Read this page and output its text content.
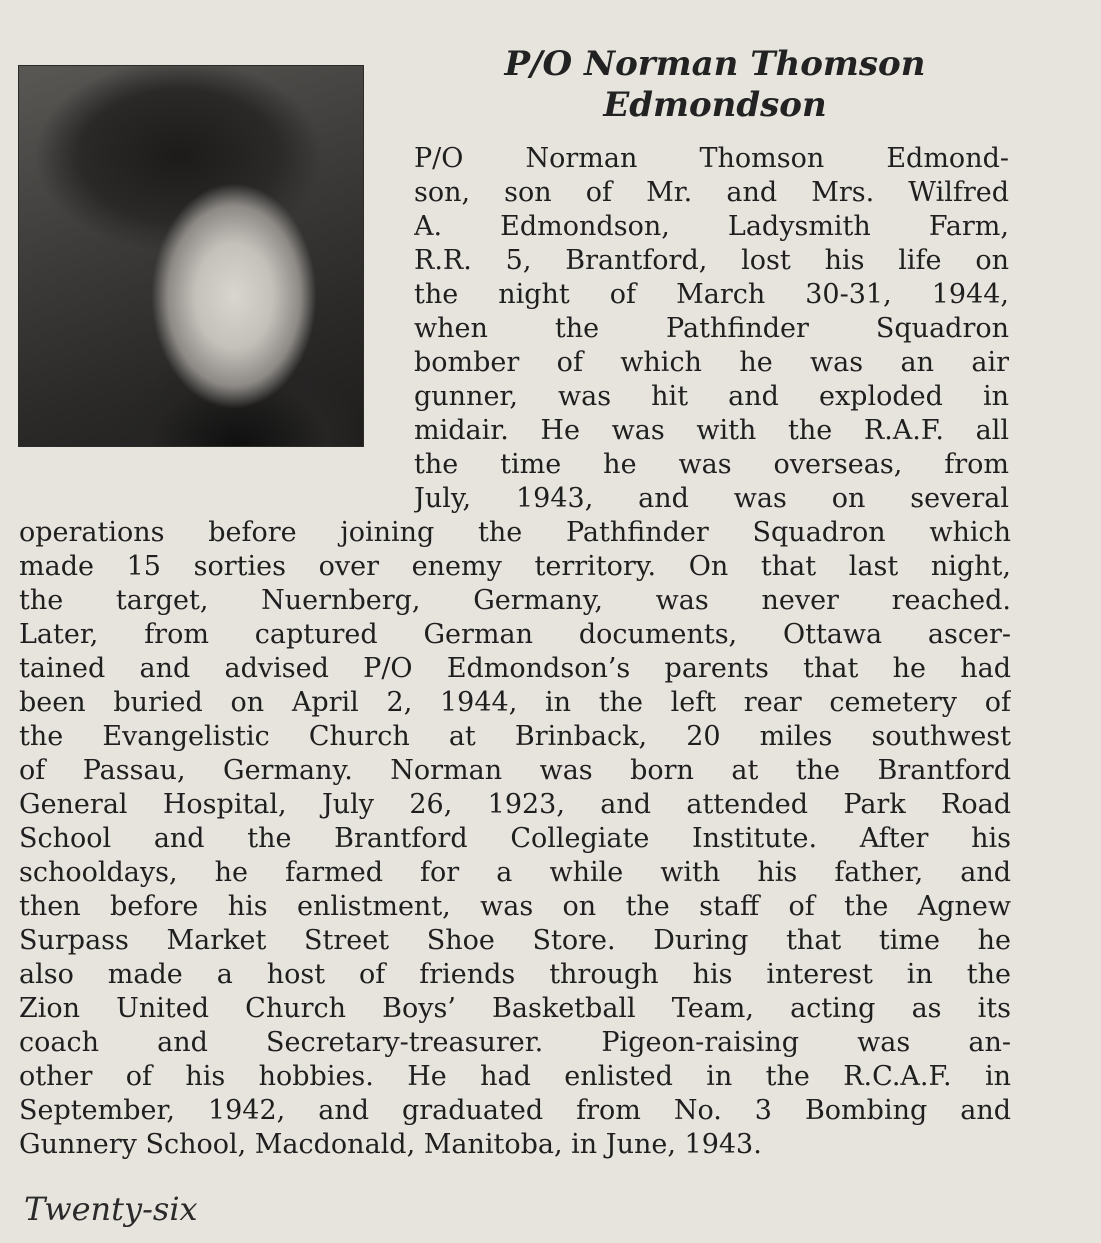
P/O Norman Thomson
Edmondson
P/O Norman Thomson Edmond-
son, son of Mr. and Mrs. Wilfred
A. Edmondson, Ladysmith Farm,
R.R. 5, Brantford, lost his life on
the night of March 30-31, 1944,
when the Pathfinder Squadron
bomber of which he was an air
gunner, was hit and exploded in
midair. He was with the R.A.F. all
the time he was overseas, from
July, 1943, and was on several
operations before joining the Pathfinder Squadron which
made 15 sorties over enemy territory. On that last night,
the target, Nuernberg, Germany, was never reached.
Later, from captured German documents, Ottawa ascer-
tained and advised P/O Edmondson’s parents that he had
been buried on April 2, 1944, in the left rear cemetery of
the Evangelistic Church at Brinback, 20 miles southwest
of Passau, Germany. Norman was born at the Brantford
General Hospital, July 26, 1923, and attended Park Road
School and the Brantford Collegiate Institute. After his
schooldays, he farmed for a while with his father, and
then before his enlistment, was on the staff of the Agnew
Surpass Market Street Shoe Store. During that time he
also made a host of friends through his interest in the
Zion United Church Boys’ Basketball Team, acting as its
coach and Secretary-treasurer. Pigeon-raising was an-
other of his hobbies. He had enlisted in the R.C.A.F. in
September, 1942, and graduated from No. 3 Bombing and
Gunnery School, Macdonald, Manitoba, in June, 1943.
Twenty-six
